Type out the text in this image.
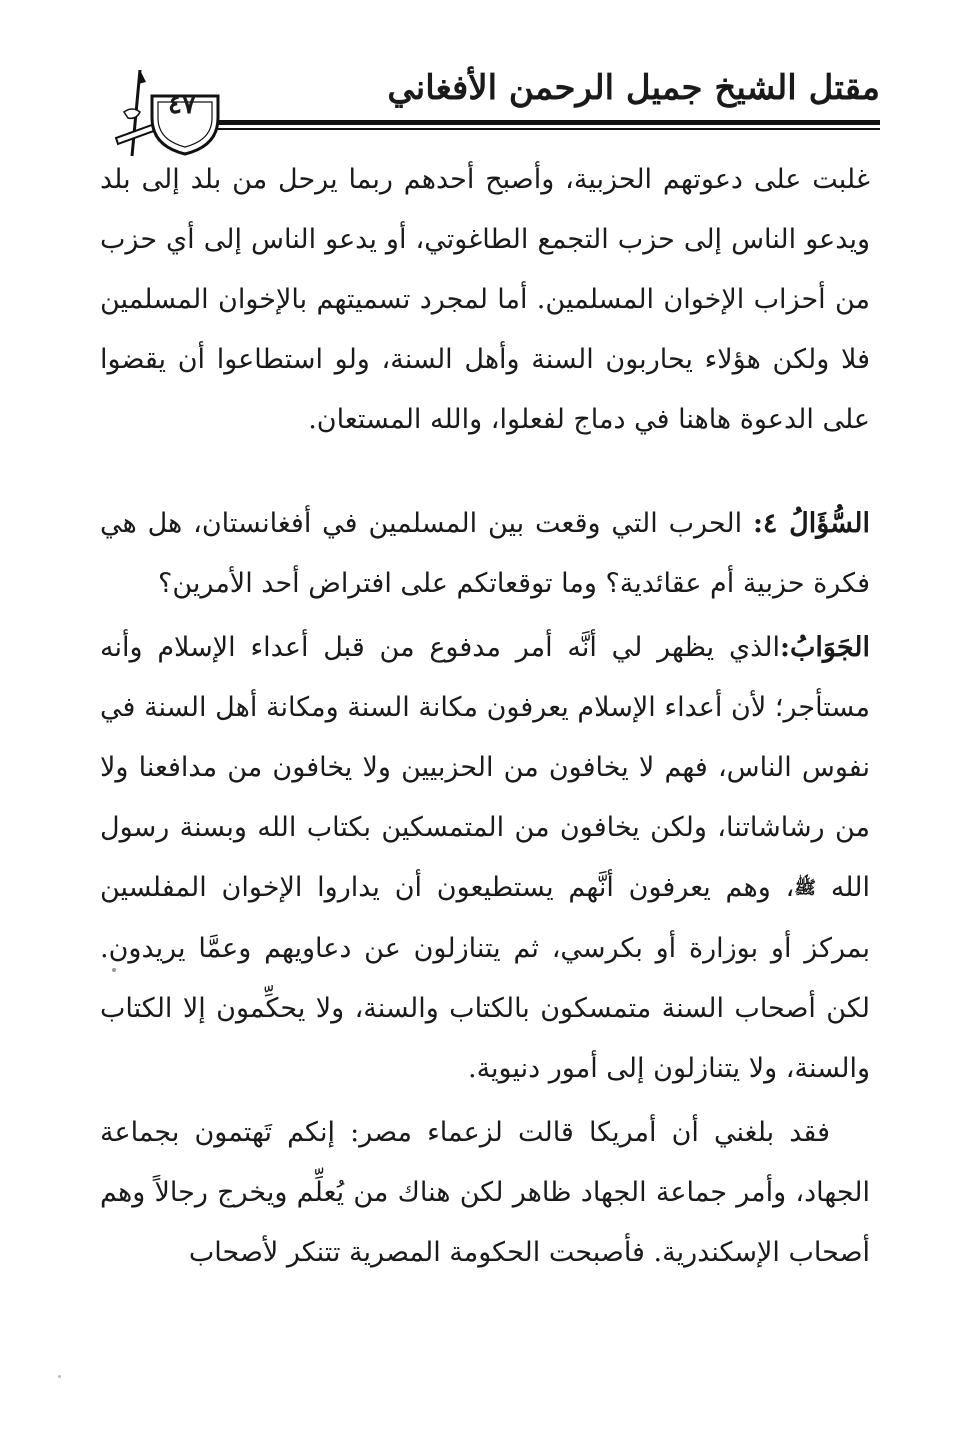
مقتل الشيخ جميل الرحمن الأفغاني
٤٧

غلبت على دعوتهم الحزبية، وأصبح أحدهم ربما يرحل من بلد إلى بلد ويدعو الناس إلى حزب التجمع الطاغوتي، أو يدعو الناس إلى أي حزب من أحزاب الإخوان المسلمين. أما لمجرد تسميتهم بالإخوان المسلمين فلا ولكن هؤلاء يحاربون السنة وأهل السنة، ولو استطاعوا أن يقضوا على الدعوة هاهنا في دماج لفعلوا، والله المستعان.

السُّؤَالُ ٤: الحرب التي وقعت بين المسلمين في أفغانستان، هل هي فكرة حزبية أم عقائدية؟ وما توقعاتكم على افتراض أحد الأمرين؟

الجَوَابُ:الذي يظهر لي أنَّه أمر مدفوع من قبل أعداء الإسلام وأنه مستأجر؛ لأن أعداء الإسلام يعرفون مكانة السنة ومكانة أهل السنة في نفوس الناس، فهم لا يخافون من الحزبيين ولا يخافون من مدافعنا ولا من رشاشاتنا، ولكن يخافون من المتمسكين بكتاب الله وبسنة رسول الله ﷺ، وهم يعرفون أنَّهم يستطيعون أن يداروا الإخوان المفلسين بمركز أو بوزارة أو بكرسي، ثم يتنازلون عن دعاويهم وعمَّا يريدون. لكن أصحاب السنة متمسكون بالكتاب والسنة، ولا يحكِّمون إلا الكتاب والسنة، ولا يتنازلون إلى أمور دنيوية.

فقد بلغني أن أمريكا قالت لزعماء مصر: إنكم تَهتمون بجماعة الجهاد، وأمر جماعة الجهاد ظاهر لكن هناك من يُعلِّم ويخرج رجالاً وهم أصحاب الإسكندرية. فأصبحت الحكومة المصرية تتنكر لأصحاب
